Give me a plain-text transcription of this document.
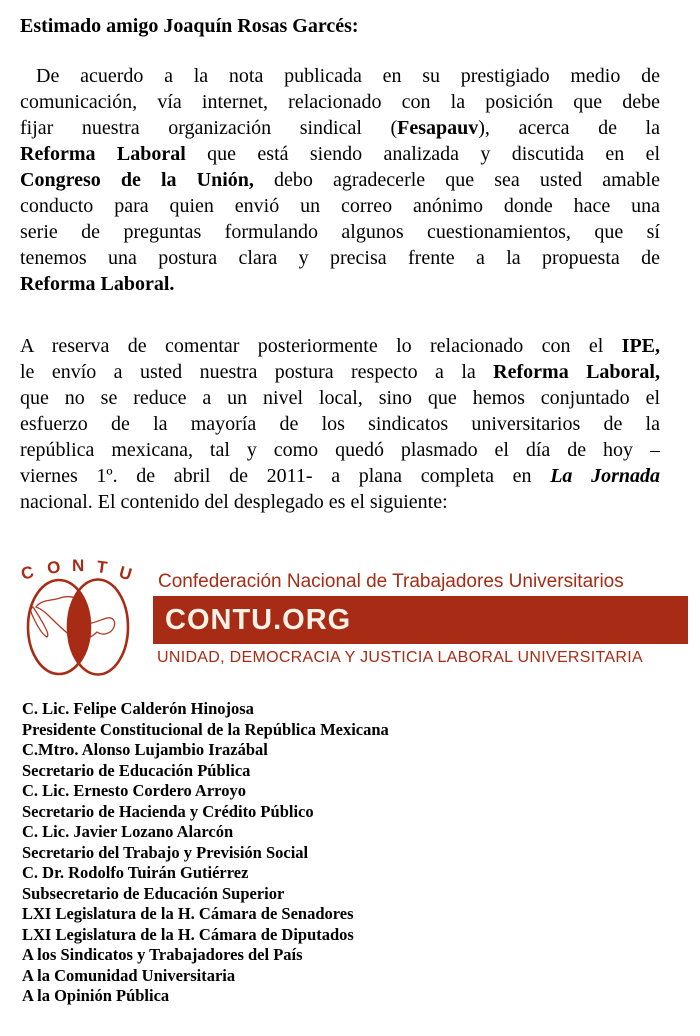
Estimado amigo Joaquín Rosas Garcés:
De acuerdo a la nota publicada en su prestigiado medio de
comunicación, vía internet, relacionado con la posición que debe
fijar nuestra organización sindical (Fesapauv), acerca de la
Reforma Laboral que está siendo analizada y discutida en el
Congreso de la Unión, debo agradecerle que sea usted amable
conducto para quien envió un correo anónimo donde hace una
serie de preguntas formulando algunos cuestionamientos, que sí
tenemos una postura clara y precisa frente a la propuesta de
Reforma Laboral.
A reserva de comentar posteriormente lo relacionado con el IPE,
le envío a usted nuestra postura respecto a la Reforma Laboral,
que no se reduce a un nivel local, sino que hemos conjuntado el
esfuerzo de la mayoría de los sindicatos universitarios de la
república mexicana, tal y como quedó plasmado el día de hoy –
viernes 1º. de abril de 2011- a plana completa en La Jornada
nacional. El contenido del desplegado es el siguiente:
C O N T U Confederación Nacional de Trabajadores Universitarios
CONTU.ORG
UNIDAD, DEMOCRACIA Y JUSTICIA LABORAL UNIVERSITARIA
C. Lic. Felipe Calderón Hinojosa
Presidente Constitucional de la República Mexicana
C.Mtro. Alonso Lujambio Irazábal
Secretario de Educación Pública
C. Lic. Ernesto Cordero Arroyo
Secretario de Hacienda y Crédito Público
C. Lic. Javier Lozano Alarcón
Secretario del Trabajo y Previsión Social
C. Dr. Rodolfo Tuirán Gutiérrez
Subsecretario de Educación Superior
LXI Legislatura de la H. Cámara de Senadores
LXI Legislatura de la H. Cámara de Diputados
A los Sindicatos y Trabajadores del País
A la Comunidad Universitaria
A la Opinión Pública
